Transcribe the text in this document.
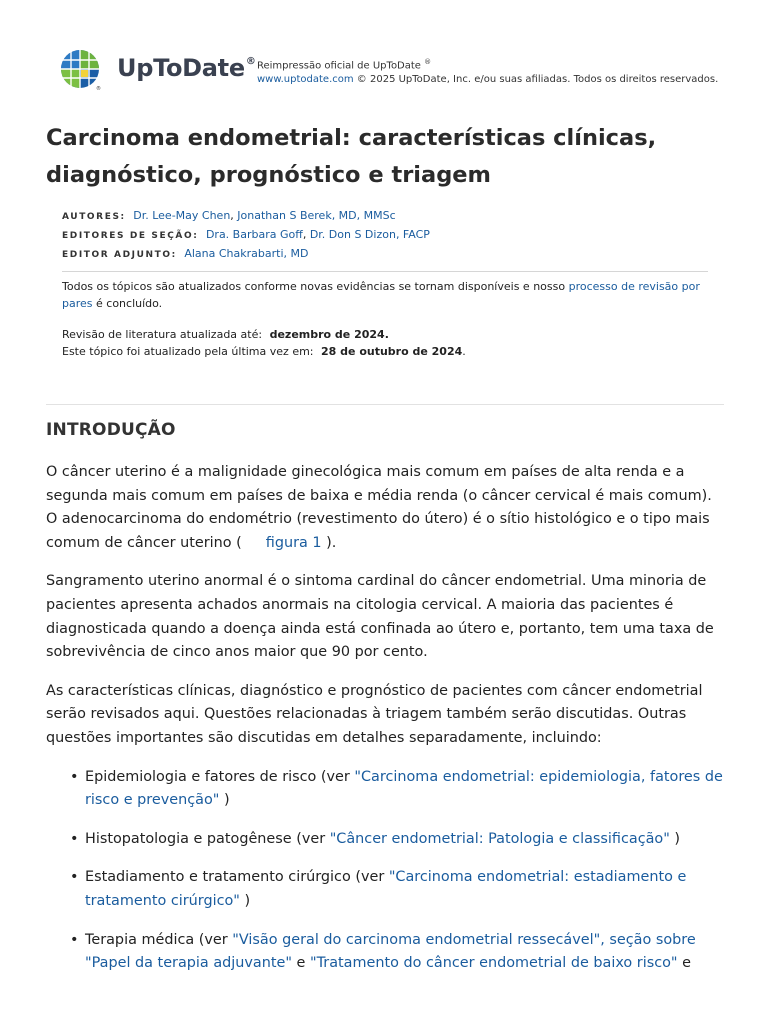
®
UpToDate® Reimpressão oficial de UpToDate ®
www.uptodate.com © 2025 UpToDate, Inc. e/ou suas afiliadas. Todos os direitos reservados.
Carcinoma endometrial: características clínicas, diagnóstico, prognóstico e triagem
AUTORES: Dr. Lee-May Chen, Jonathan S Berek, MD, MMSc
EDITORES DE SEÇÃO: Dra. Barbara Goff, Dr. Don S Dizon, FACP
EDITOR ADJUNTO: Alana Chakrabarti, MD
Todos os tópicos são atualizados conforme novas evidências se tornam disponíveis e nosso processo de revisão por pares é concluído.
Revisão de literatura atualizada até: dezembro de 2024.
Este tópico foi atualizado pela última vez em: 28 de outubro de 2024.
INTRODUÇÃO

O câncer uterino é a malignidade ginecológica mais comum em países de alta renda e a segunda mais comum em países de baixa e média renda (o câncer cervical é mais comum). O adenocarcinoma do endométrio (revestimento do útero) é o sítio histológico e o tipo mais comum de câncer uterino ( figura 1 ).

Sangramento uterino anormal é o sintoma cardinal do câncer endometrial. Uma minoria de pacientes apresenta achados anormais na citologia cervical. A maioria das pacientes é diagnosticada quando a doença ainda está confinada ao útero e, portanto, tem uma taxa de sobrevivência de cinco anos maior que 90 por cento.

As características clínicas, diagnóstico e prognóstico de pacientes com câncer endometrial serão revisados aqui. Questões relacionadas à triagem também serão discutidas. Outras questões importantes são discutidas em detalhes separadamente, incluindo:

• Epidemiologia e fatores de risco (ver "Carcinoma endometrial: epidemiologia, fatores de risco e prevenção" )
• Histopatologia e patogênese (ver "Câncer endometrial: Patologia e classificação" )
• Estadiamento e tratamento cirúrgico (ver "Carcinoma endometrial: estadiamento e tratamento cirúrgico" )
• Terapia médica (ver "Visão geral do carcinoma endometrial ressecável", seção sobre "Papel da terapia adjuvante" e "Tratamento do câncer endometrial de baixo risco" e
